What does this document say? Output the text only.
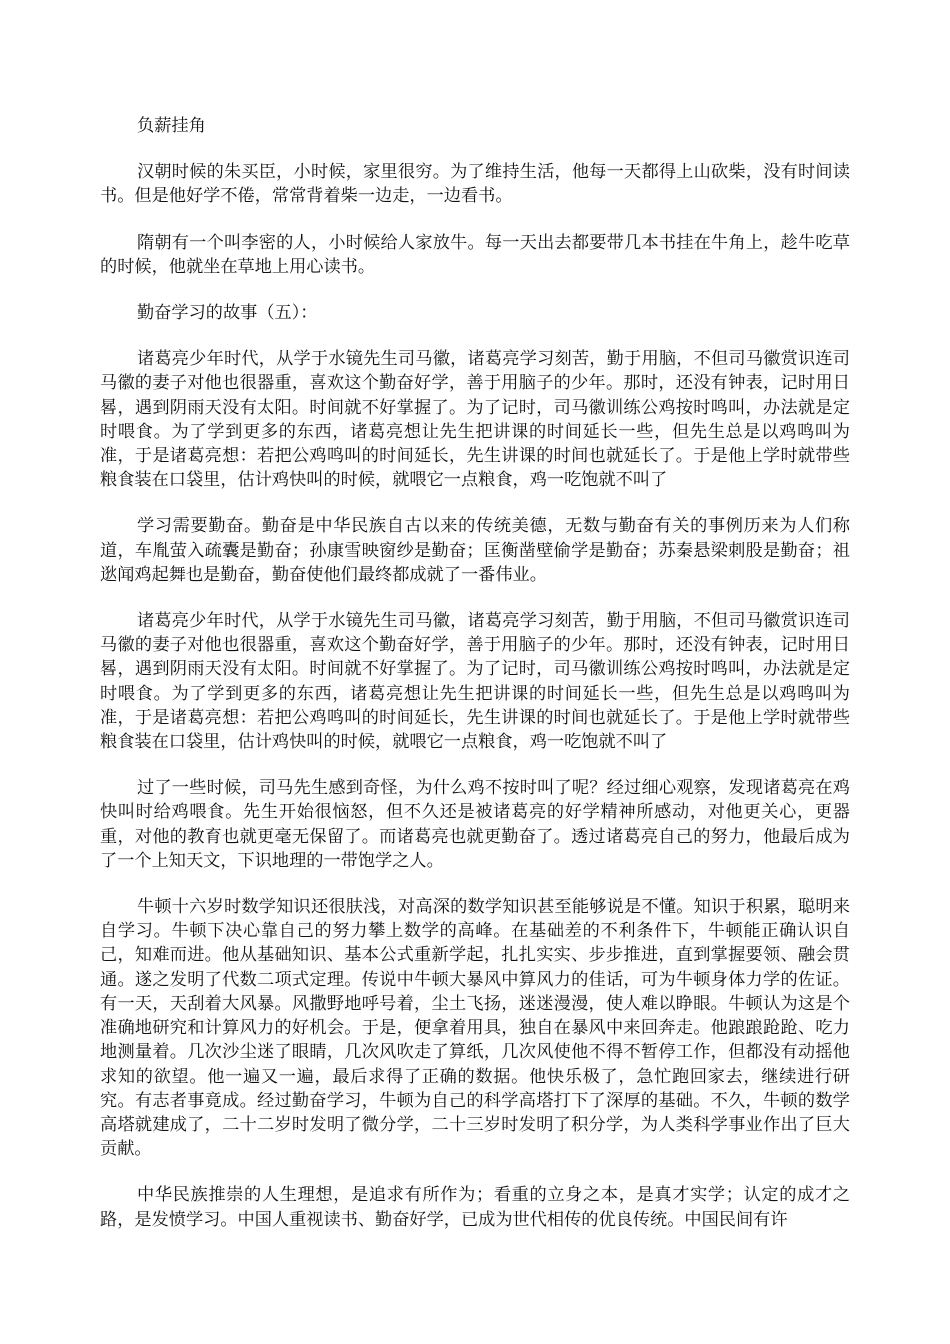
负薪挂角

汉朝时候的朱买臣，小时候，家里很穷。为了维持生活，他每一天都得上山砍柴，没有时间读书。但是他好学不倦，常常背着柴一边走，一边看书。

隋朝有一个叫李密的人，小时候给人家放牛。每一天出去都要带几本书挂在牛角上，趁牛吃草的时候，他就坐在草地上用心读书。

勤奋学习的故事（五）：

诸葛亮少年时代，从学于水镜先生司马徽，诸葛亮学习刻苦，勤于用脑，不但司马徽赏识连司马徽的妻子对他也很器重，喜欢这个勤奋好学，善于用脑子的少年。那时，还没有钟表，记时用日晷，遇到阴雨天没有太阳。时间就不好掌握了。为了记时，司马徽训练公鸡按时鸣叫，办法就是定时喂食。为了学到更多的东西，诸葛亮想让先生把讲课的时间延长一些，但先生总是以鸡鸣叫为准，于是诸葛亮想：若把公鸡鸣叫的时间延长，先生讲课的时间也就延长了。于是他上学时就带些粮食装在口袋里，估计鸡快叫的时候，就喂它一点粮食，鸡一吃饱就不叫了

学习需要勤奋。勤奋是中华民族自古以来的传统美德，无数与勤奋有关的事例历来为人们称道，车胤萤入疏囊是勤奋；孙康雪映窗纱是勤奋；匡衡凿壁偷学是勤奋；苏秦悬梁刺股是勤奋；祖逖闻鸡起舞也是勤奋，勤奋使他们最终都成就了一番伟业。

诸葛亮少年时代，从学于水镜先生司马徽，诸葛亮学习刻苦，勤于用脑，不但司马徽赏识连司马徽的妻子对他也很器重，喜欢这个勤奋好学，善于用脑子的少年。那时，还没有钟表，记时用日晷，遇到阴雨天没有太阳。时间就不好掌握了。为了记时，司马徽训练公鸡按时鸣叫，办法就是定时喂食。为了学到更多的东西，诸葛亮想让先生把讲课的时间延长一些，但先生总是以鸡鸣叫为准，于是诸葛亮想：若把公鸡鸣叫的时间延长，先生讲课的时间也就延长了。于是他上学时就带些粮食装在口袋里，估计鸡快叫的时候，就喂它一点粮食，鸡一吃饱就不叫了

过了一些时候，司马先生感到奇怪，为什么鸡不按时叫了呢？经过细心观察，发现诸葛亮在鸡快叫时给鸡喂食。先生开始很恼怒，但不久还是被诸葛亮的好学精神所感动，对他更关心，更器重，对他的教育也就更毫无保留了。而诸葛亮也就更勤奋了。透过诸葛亮自己的努力，他最后成为了一个上知天文，下识地理的一带饱学之人。

牛顿十六岁时数学知识还很肤浅，对高深的数学知识甚至能够说是不懂。知识于积累，聪明来自学习。牛顿下决心靠自己的努力攀上数学的高峰。在基础差的不利条件下，牛顿能正确认识自己，知难而进。他从基础知识、基本公式重新学起，扎扎实实、步步推进，直到掌握要领、融会贯通。遂之发明了代数二项式定理。传说中牛顿大暴风中算风力的佳话，可为牛顿身体力学的佐证。有一天，天刮着大风暴。风撒野地呼号着，尘土飞扬，迷迷漫漫，使人难以睁眼。牛顿认为这是个准确地研究和计算风力的好机会。于是，便拿着用具，独自在暴风中来回奔走。他踉踉跄跄、吃力地测量着。几次沙尘迷了眼睛，几次风吹走了算纸，几次风使他不得不暂停工作，但都没有动摇他求知的欲望。他一遍又一遍，最后求得了正确的数据。他快乐极了，急忙跑回家去，继续进行研究。有志者事竟成。经过勤奋学习，牛顿为自己的科学高塔打下了深厚的基础。不久，牛顿的数学高塔就建成了，二十二岁时发明了微分学，二十三岁时发明了积分学，为人类科学事业作出了巨大贡献。

中华民族推崇的人生理想，是追求有所作为；看重的立身之本，是真才实学；认定的成才之路，是发愤学习。中国人重视读书、勤奋好学，已成为世代相传的优良传统。中国民间有许
